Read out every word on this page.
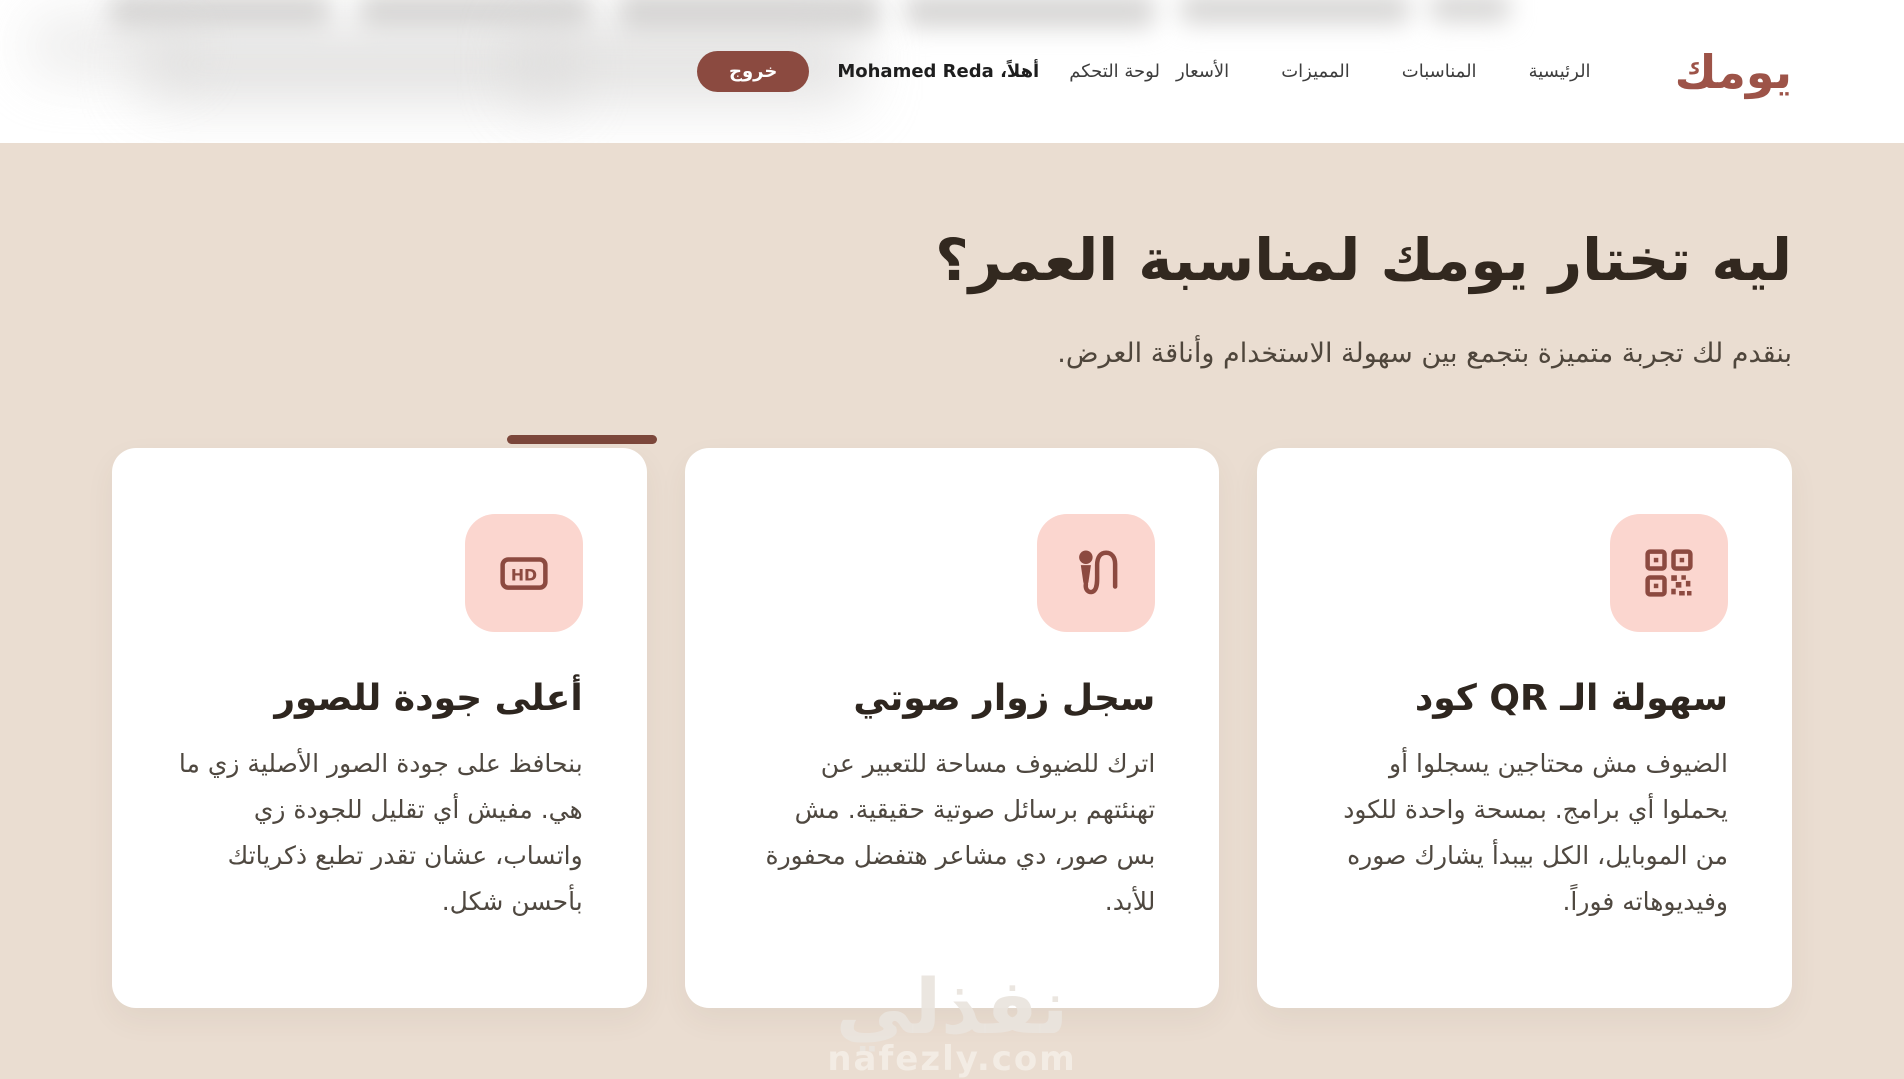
يومك
الرئيسية
المناسبات
المميزات
الأسعار
لوحة التحكم
أهلاً، Mohamed Reda
خروج
ليه تختار يومك لمناسبة العمر؟

بنقدم لك تجربة متميزة بتجمع بين سهولة الاستخدام وأناقة العرض.

سهولة الـ QR كود

الضيوف مش محتاجين يسجلوا أو يحملوا أي برامج. بمسحة واحدة للكود من الموبايل، الكل بيبدأ يشارك صوره وفيديوهاته فوراً.

سجل زوار صوتي

اترك للضيوف مساحة للتعبير عن تهنئتهم برسائل صوتية حقيقية. مش بس صور، دي مشاعر هتفضل محفورة للأبد.

HD
أعلى جودة للصور

بنحافظ على جودة الصور الأصلية زي ما هي. مفيش أي تقليل للجودة زي واتساب، عشان تقدر تطبع ذكرياتك بأحسن شكل.

نفذلي
nafezly.com
